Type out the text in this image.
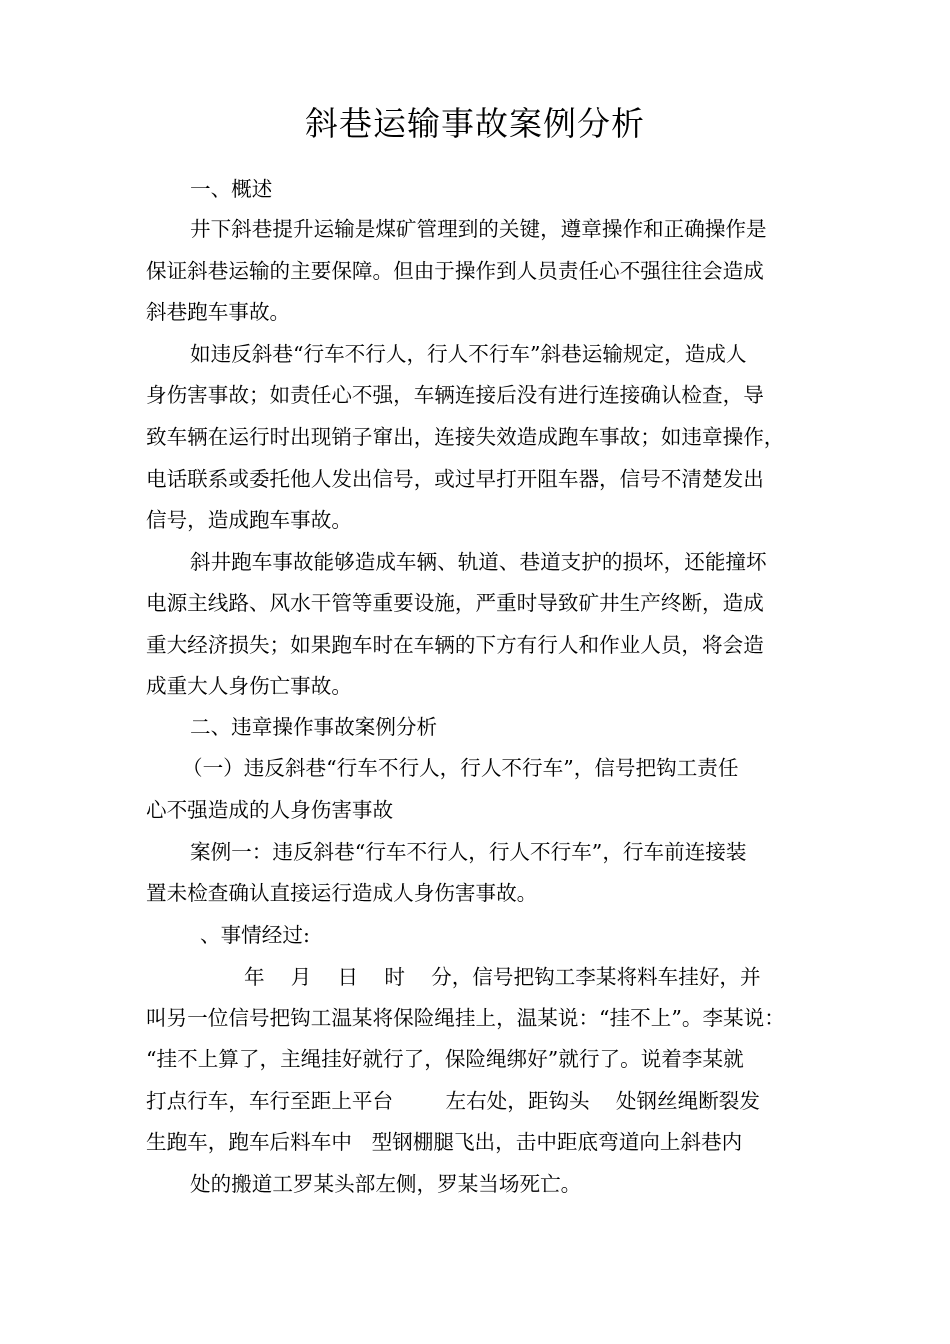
斜巷运输事故案例分析
一、概述
井下斜巷提升运输是煤矿管理到的关键，遵章操作和正确操作是
保证斜巷运输的主要保障。但由于操作到人员责任心不强往往会造成
斜巷跑车事故。
如违反斜巷“行车不行人，行人不行车”斜巷运输规定，造成人
身伤害事故；如责任心不强，车辆连接后没有进行连接确认检查，导
致车辆在运行时出现销子窜出，连接失效造成跑车事故；如违章操作，
电话联系或委托他人发出信号，或过早打开阻车器，信号不清楚发出
信号，造成跑车事故。
斜井跑车事故能够造成车辆、轨道、巷道支护的损坏，还能撞坏
电源主线路、风水干管等重要设施，严重时导致矿井生产终断，造成
重大经济损失；如果跑车时在车辆的下方有行人和作业人员，将会造
成重大人身伤亡事故。
二、违章操作事故案例分析
（一）违反斜巷“行车不行人，行人不行车”，信号把钩工责任
心不强造成的人身伤害事故
案例一：违反斜巷“行车不行人，行人不行车”，行车前连接装
置未检查确认直接运行造成人身伤害事故。
、事情经过:
年    月    日    时    分，信号把钩工李某将料车挂好，并
叫另一位信号把钩工温某将保险绳挂上，温某说：“挂不上”。李某说：
“挂不上算了，主绳挂好就行了，保险绳绑好”就行了。说着李某就
打点行车，车行至距上平台        左右处，距钩头    处钢丝绳断裂发
生跑车，跑车后料车中   型钢棚腿飞出，击中距底弯道向上斜巷内
处的搬道工罗某头部左侧，罗某当场死亡。
